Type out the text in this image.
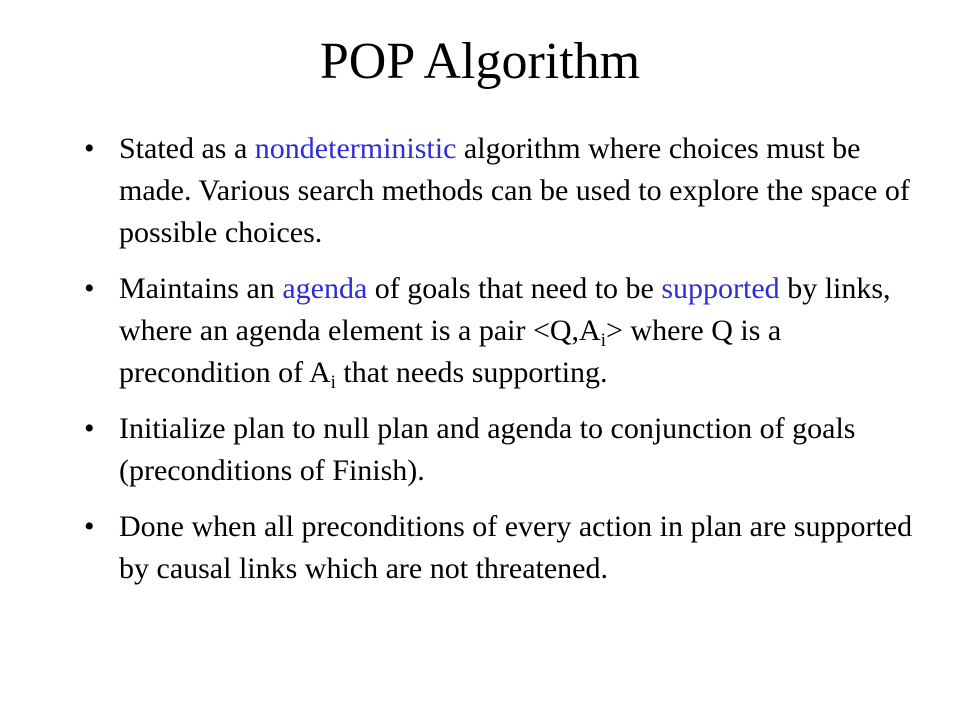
POP Algorithm
• Stated as a nondeterministic algorithm where choices must be made. Various search methods can be used to explore the space of possible choices.
• Maintains an agenda of goals that need to be supported by links, where an agenda element is a pair $<Q,A_i>$ where Q is a precondition of $A_i$ that needs supporting.
• Initialize plan to null plan and agenda to conjunction of goals (preconditions of Finish).
• Done when all preconditions of every action in plan are supported by causal links which are not threatened.
